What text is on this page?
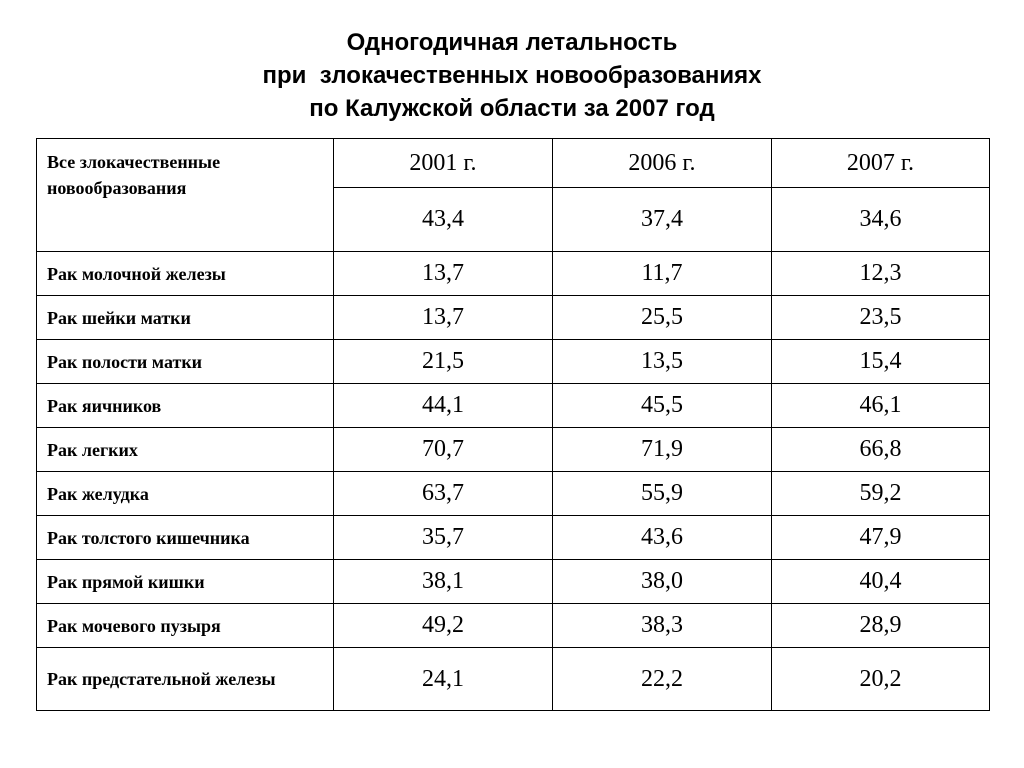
Одногодичная летальность
при  злокачественных новообразованиях
по Калужской области за 2007 год
Все злокачественные новообразования	2001 г.	2006 г.	2007 г.
	43,4	37,4	34,6
Рак молочной железы	13,7	11,7	12,3
Рак шейки матки	13,7	25,5	23,5
Рак полости матки	21,5	13,5	15,4
Рак яичников	44,1	45,5	46,1
Рак легких	70,7	71,9	66,8
Рак желудка	63,7	55,9	59,2
Рак толстого кишечника	35,7	43,6	47,9
Рак прямой кишки	38,1	38,0	40,4
Рак мочевого пузыря	49,2	38,3	28,9
Рак предстательной железы	24,1	22,2	20,2
